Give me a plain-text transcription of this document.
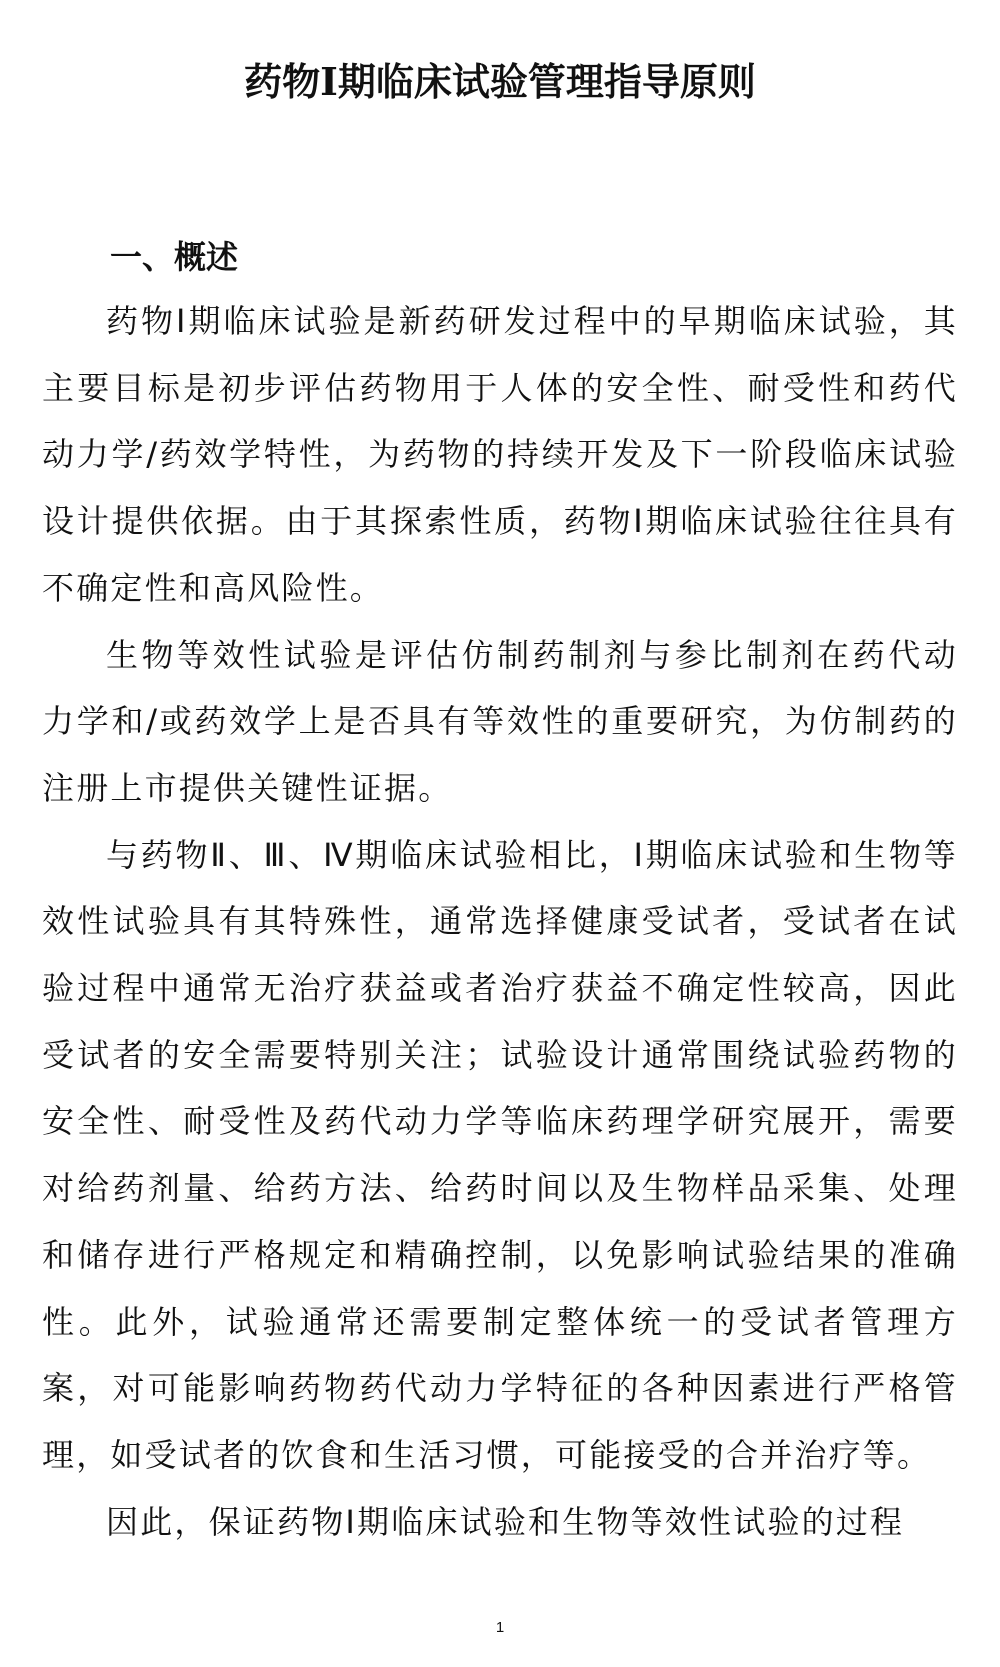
药物Ⅰ期临床试验管理指导原则
一、概述

药物Ⅰ期临床试验是新药研发过程中的早期临床试验，其主要目标是初步评估药物用于人体的安全性、耐受性和药代动力学/药效学特性，为药物的持续开发及下一阶段临床试验设计提供依据。由于其探索性质，药物Ⅰ期临床试验往往具有不确定性和高风险性。

生物等效性试验是评估仿制药制剂与参比制剂在药代动力学和/或药效学上是否具有等效性的重要研究，为仿制药的注册上市提供关键性证据。

与药物Ⅱ、Ⅲ、Ⅳ期临床试验相比，Ⅰ期临床试验和生物等效性试验具有其特殊性，通常选择健康受试者，受试者在试验过程中通常无治疗获益或者治疗获益不确定性较高，因此受试者的安全需要特别关注；试验设计通常围绕试验药物的安全性、耐受性及药代动力学等临床药理学研究展开，需要对给药剂量、给药方法、给药时间以及生物样品采集、处理和储存进行严格规定和精确控制，以免影响试验结果的准确性。此外，试验通常还需要制定整体统一的受试者管理方案，对可能影响药物药代动力学特征的各种因素进行严格管理，如受试者的饮食和生活习惯，可能接受的合并治疗等。

因此，保证药物Ⅰ期临床试验和生物等效性试验的过程

1
